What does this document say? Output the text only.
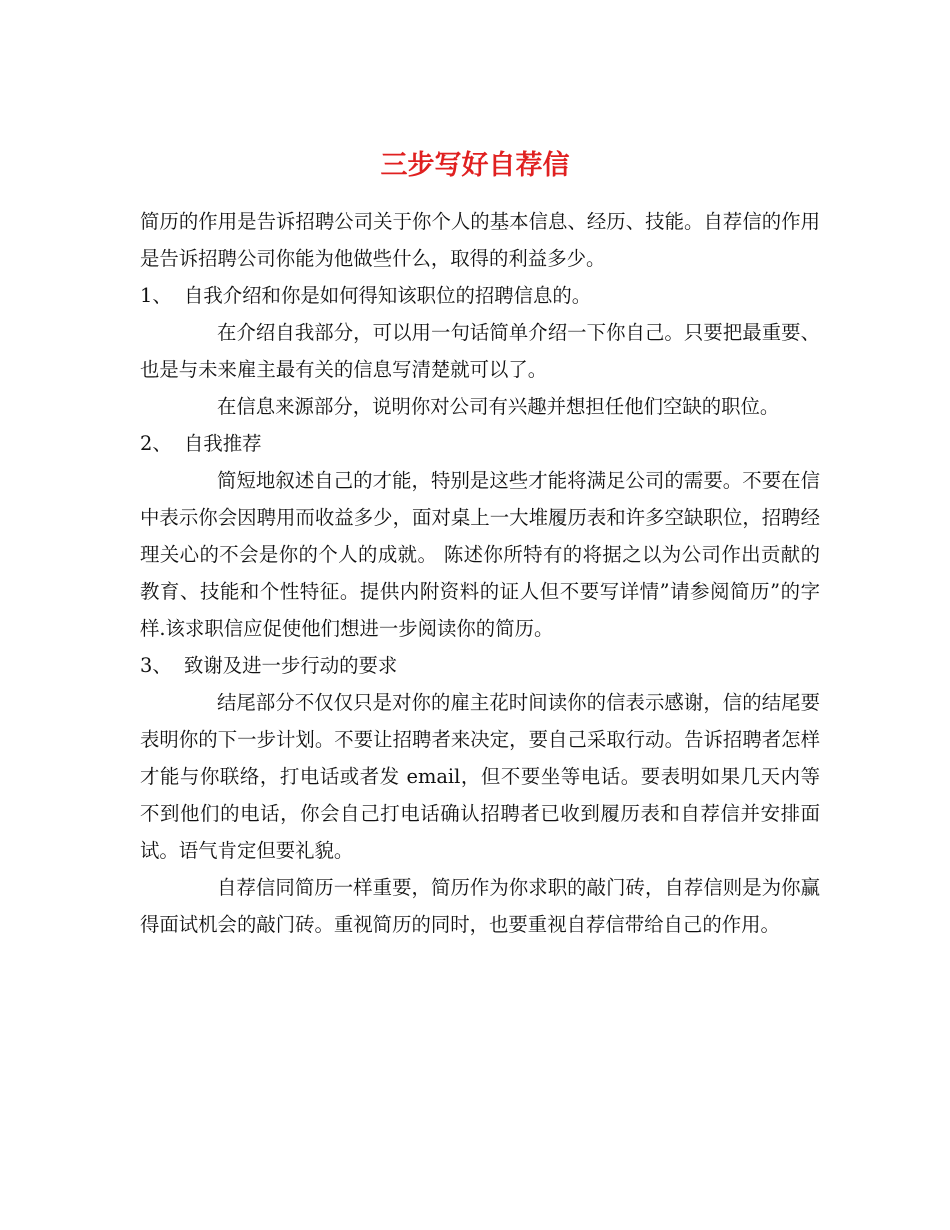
三步写好自荐信

简历的作用是告诉招聘公司关于你个人的基本信息、经历、技能。自荐信的作用是告诉招聘公司你能为他做些什么，取得的利益多少。

1、 自我介绍和你是如何得知该职位的招聘信息的。

在介绍自我部分，可以用一句话简单介绍一下你自己。只要把最重要、也是与未来雇主最有关的信息写清楚就可以了。

在信息来源部分，说明你对公司有兴趣并想担任他们空缺的职位。

2、 自我推荐

简短地叙述自己的才能，特别是这些才能将满足公司的需要。不要在信中表示你会因聘用而收益多少，面对桌上一大堆履历表和许多空缺职位，招聘经理关心的不会是你的个人的成就。 陈述你所特有的将据之以为公司作出贡献的教育、技能和个性特征。提供内附资料的证人但不要写详情”请参阅简历”的字样.该求职信应促使他们想进一步阅读你的简历。

3、 致谢及进一步行动的要求

结尾部分不仅仅只是对你的雇主花时间读你的信表示感谢，信的结尾要表明你的下一步计划。不要让招聘者来决定，要自己采取行动。告诉招聘者怎样才能与你联络，打电话或者发 email，但不要坐等电话。要表明如果几天内等不到他们的电话，你会自己打电话确认招聘者已收到履历表和自荐信并安排面试。语气肯定但要礼貌。

自荐信同简历一样重要，简历作为你求职的敲门砖，自荐信则是为你赢得面试机会的敲门砖。重视简历的同时，也要重视自荐信带给自己的作用。
